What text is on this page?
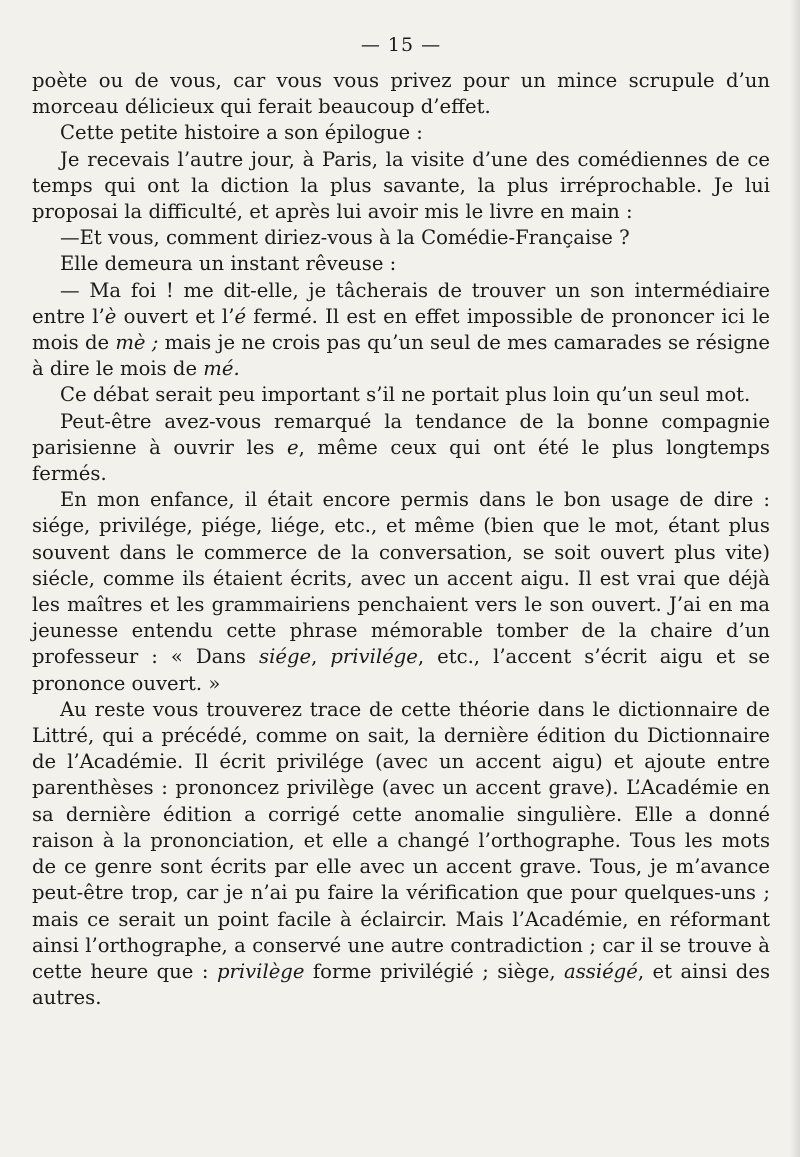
— 15 —

poète ou de vous, car vous vous privez pour un mince scrupule d’un morceau délicieux qui ferait beaucoup d’effet.

Cette petite histoire a son épilogue :

Je recevais l’autre jour, à Paris, la visite d’une des comédiennes de ce temps qui ont la diction la plus savante, la plus irréprochable. Je lui proposai la difficulté, et après lui avoir mis le livre en main :

—Et vous, comment diriez-vous à la Comédie-Française ?

Elle demeura un instant rêveuse :

— Ma foi ! me dit-elle, je tâcherais de trouver un son intermédiaire entre l’è ouvert et l’é fermé. Il est en effet impossible de prononcer ici le mois de mè ; mais je ne crois pas qu’un seul de mes camarades se résigne à dire le mois de mé.

Ce débat serait peu important s’il ne portait plus loin qu’un seul mot.

Peut-être avez-vous remarqué la tendance de la bonne compagnie parisienne à ouvrir les e, même ceux qui ont été le plus longtemps fermés.

En mon enfance, il était encore permis dans le bon usage de dire : siége, privilége, piége, liége, etc., et même (bien que le mot, étant plus souvent dans le commerce de la conversation, se soit ouvert plus vite) siécle, comme ils étaient écrits, avec un accent aigu. Il est vrai que déjà les maîtres et les grammairiens penchaient vers le son ouvert. J’ai en ma jeunesse entendu cette phrase mémorable tomber de la chaire d’un professeur : « Dans siége, privilége, etc., l’accent s’écrit aigu et se prononce ouvert. »

Au reste vous trouverez trace de cette théorie dans le dictionnaire de Littré, qui a précédé, comme on sait, la dernière édition du Dictionnaire de l’Académie. Il écrit privilége (avec un accent aigu) et ajoute entre parenthèses : prononcez privilège (avec un accent grave). L’Académie en sa dernière édition a corrigé cette anomalie singulière. Elle a donné raison à la prononciation, et elle a changé l’orthographe. Tous les mots de ce genre sont écrits par elle avec un accent grave. Tous, je m’avance peut-être trop, car je n’ai pu faire la vérification que pour quelques-uns ; mais ce serait un point facile à éclaircir. Mais l’Académie, en réformant ainsi l’orthographe, a conservé une autre contradiction ; car il se trouve à cette heure que : privilège forme privilégié ; siège, assiégé, et ainsi des autres.
